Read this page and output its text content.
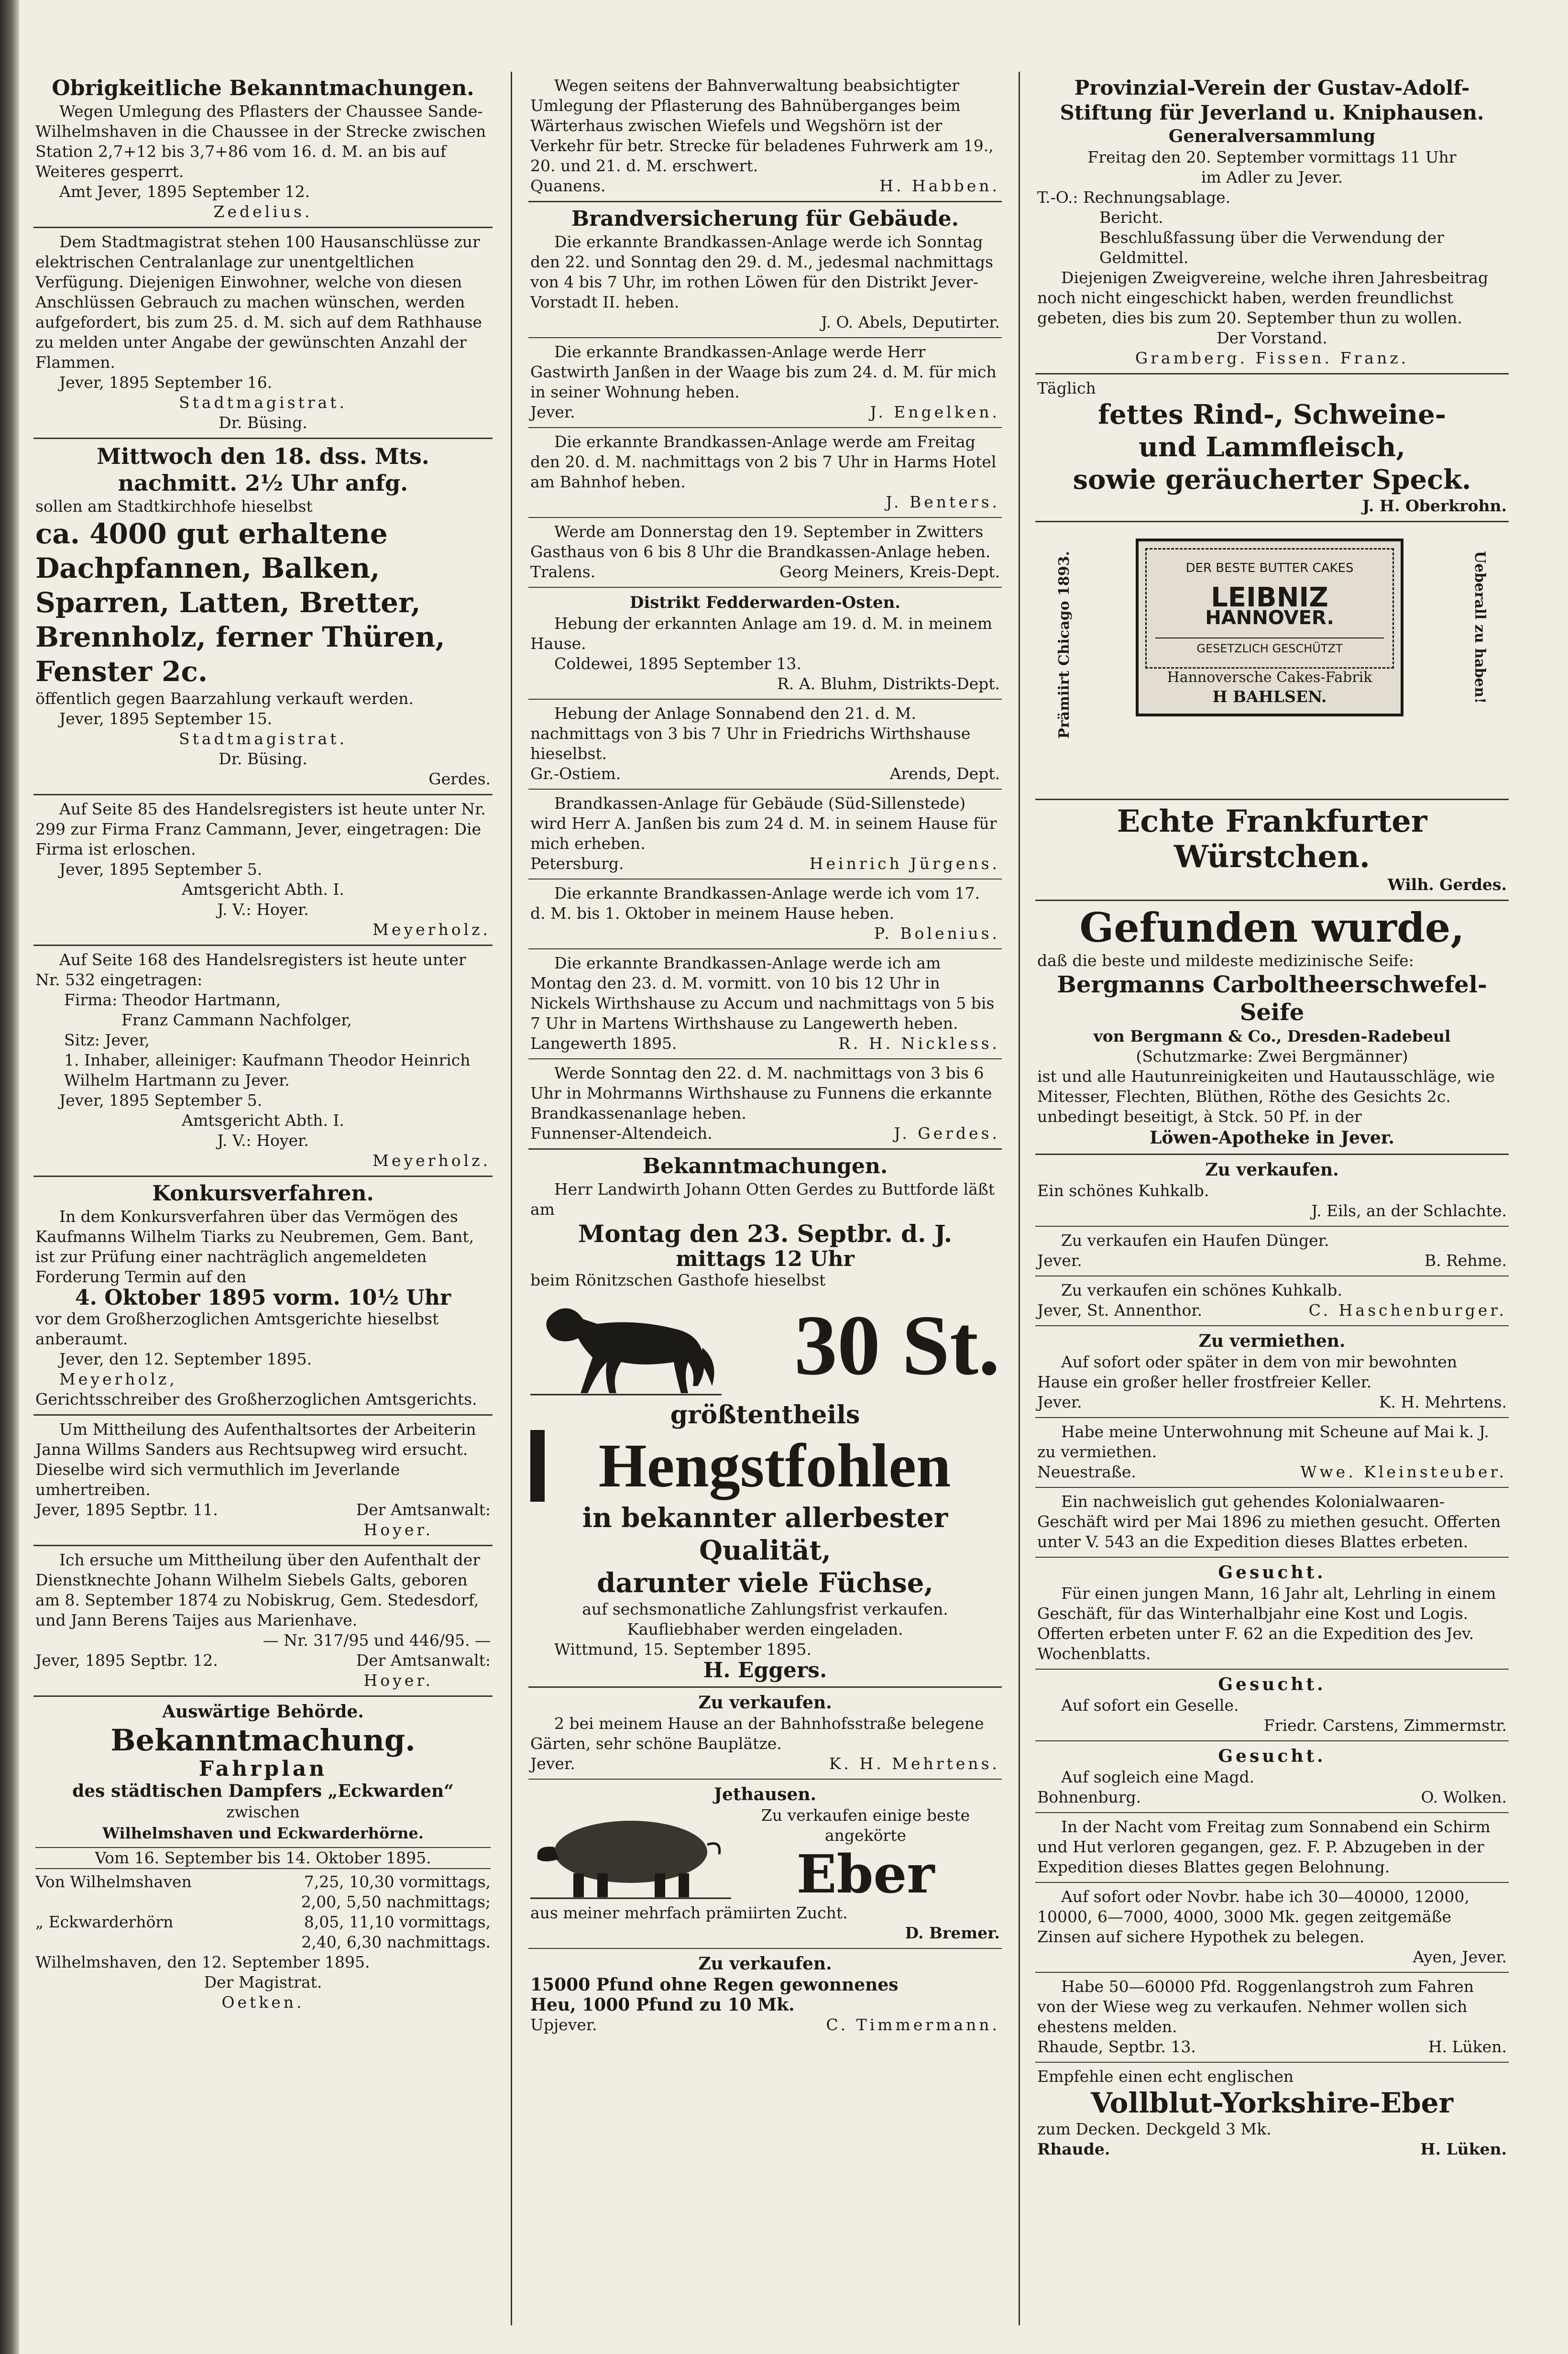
Obrigkeitliche Bekanntmachungen.
Wegen Umlegung des Pflasters der Chaussee Sande-Wilhelmshaven in die Chaussee in der Strecke zwischen Station 2,7+12 bis 3,7+86 vom 16. d. M. an bis auf Weiteres gesperrt.
Amt Jever, 1895 September 12.
Zedelius.
Dem Stadtmagistrat stehen 100 Hausanschlüsse zur elektrischen Centralanlage zur unentgeltlichen Verfügung. Diejenigen Einwohner, welche von diesen Anschlüssen Gebrauch zu machen wünschen, werden aufgefordert, bis zum 25. d. M. sich auf dem Rathhause zu melden unter Angabe der gewünschten Anzahl der Flammen.
Jever, 1895 September 16.
Stadtmagistrat.
Dr. Büsing.
Mittwoch den 18. dss. Mts.
nachmitt. 2½ Uhr anfg.
sollen am Stadtkirchhofe hieselbst
ca. 4000 gut erhaltene Dachpfannen, Balken, Sparren, Latten, Bretter, Brennholz, ferner Thüren, Fenster 2c.
öffentlich gegen Baarzahlung verkauft werden.
Jever, 1895 September 15.
Stadtmagistrat.
Dr. Büsing.
Gerdes.
Auf Seite 85 des Handelsregisters ist heute unter Nr. 299 zur Firma Franz Cammann, Jever, eingetragen: Die Firma ist erloschen.
Jever, 1895 September 5.
Amtsgericht Abth. I.
J. V.: Hoyer.
Meyerholz.
Auf Seite 168 des Handelsregisters ist heute unter Nr. 532 eingetragen:
Firma: Theodor Hartmann,
Franz Cammann Nachfolger,
Sitz: Jever,
1. Inhaber, alleiniger: Kaufmann Theodor Heinrich Wilhelm Hartmann zu Jever.
Jever, 1895 September 5.
Amtsgericht Abth. I.
J. V.: Hoyer.
Meyerholz.
Konkursverfahren.
In dem Konkursverfahren über das Vermögen des Kaufmanns Wilhelm Tiarks zu Neubremen, Gem. Bant, ist zur Prüfung einer nachträglich angemeldeten Forderung Termin auf den
4. Oktober 1895 vorm. 10½ Uhr
vor dem Großherzoglichen Amtsgerichte hieselbst anberaumt.
Jever, den 12. September 1895.
Meyerholz,
Gerichtsschreiber des Großherzoglichen Amtsgerichts.
Um Mittheilung des Aufenthaltsortes der Arbeiterin Janna Willms Sanders aus Rechtsupweg wird ersucht. Dieselbe wird sich vermuthlich im Jeverlande umhertreiben.
Jever, 1895 Septbr. 11.	Der Amtsanwalt:
Hoyer.
Ich ersuche um Mittheilung über den Aufenthalt der Dienstknechte Johann Wilhelm Siebels Galts, geboren am 8. September 1874 zu Nobiskrug, Gem. Stedesdorf, und Jann Berens Taijes aus Marienhave.
— Nr. 317/95 und 446/95. —
Jever, 1895 Septbr. 12.	Der Amtsanwalt:
Hoyer.
Auswärtige Behörde.
Bekanntmachung.
Fahrplan
des städtischen Dampfers „Eckwarden“
zwischen
Wilhelmshaven und Eckwarderhörne.
Vom 16. September bis 14. Oktober 1895.
Von Wilhelmshaven	7,25, 10,30 vormittags,
2,00, 5,50 nachmittags;
„ Eckwarderhörn	8,05, 11,10 vormittags,
2,40, 6,30 nachmittags.
Wilhelmshaven, den 12. September 1895.
Der Magistrat.
Oetken.
Wegen seitens der Bahnverwaltung beabsichtigter Umlegung der Pflasterung des Bahnüberganges beim Wärterhaus zwischen Wiefels und Wegshörn ist der Verkehr für betr. Strecke für beladenes Fuhrwerk am 19., 20. und 21. d. M. erschwert.
Quanens.	H. Habben.
Brandversicherung für Gebäude.
Die erkannte Brandkassen-Anlage werde ich Sonntag den 22. und Sonntag den 29. d. M., jedesmal nachmittags von 4 bis 7 Uhr, im rothen Löwen für den Distrikt Jever-Vorstadt II. heben.
J. O. Abels, Deputirter.
Die erkannte Brandkassen-Anlage werde Herr Gastwirth Janßen in der Waage bis zum 24. d. M. für mich in seiner Wohnung heben.
Jever.	J. Engelken.
Die erkannte Brandkassen-Anlage werde am Freitag den 20. d. M. nachmittags von 2 bis 7 Uhr in Harms Hotel am Bahnhof heben.
J. Benters.
Werde am Donnerstag den 19. September in Zwitters Gasthaus von 6 bis 8 Uhr die Brandkassen-Anlage heben.
Tralens.	Georg Meiners, Kreis-Dept.
Distrikt Fedderwarden-Osten.
Hebung der erkannten Anlage am 19. d. M. in meinem Hause.
Coldewei, 1895 September 13.
R. A. Bluhm, Distrikts-Dept.
Hebung der Anlage Sonnabend den 21. d. M. nachmittags von 3 bis 7 Uhr in Friedrichs Wirthshause hieselbst.
Gr.-Ostiem.	Arends, Dept.
Brandkassen-Anlage für Gebäude (Süd-Sillenstede) wird Herr A. Janßen bis zum 24 d. M. in seinem Hause für mich erheben.
Petersburg.	Heinrich Jürgens.
Die erkannte Brandkassen-Anlage werde ich vom 17. d. M. bis 1. Oktober in meinem Hause heben.
P. Bolenius.
Die erkannte Brandkassen-Anlage werde ich am Montag den 23. d. M. vormitt. von 10 bis 12 Uhr in Nickels Wirthshause zu Accum und nachmittags von 5 bis 7 Uhr in Martens Wirthshause zu Langewerth heben.
Langewerth 1895.	R. H. Nickless.
Werde Sonntag den 22. d. M. nachmittags von 3 bis 6 Uhr in Mohrmanns Wirthshause zu Funnens die erkannte Brandkassenanlage heben.
Funnenser-Altendeich.	J. Gerdes.
Bekanntmachungen.
Herr Landwirth Johann Otten Gerdes zu Buttforde läßt am
Montag den 23. Septbr. d. J.
mittags 12 Uhr
beim Rönitzschen Gasthofe hieselbst
30 St.
größtentheils
Hengstfohlen
in bekannter allerbester Qualität,
darunter viele Füchse,
auf sechsmonatliche Zahlungsfrist verkaufen. Kaufliebhaber werden eingeladen.
Wittmund, 15. September 1895.
H. Eggers.
Zu verkaufen.
2 bei meinem Hause an der Bahnhofsstraße belegene Gärten, sehr schöne Bauplätze.
Jever.	K. H. Mehrtens.
Jethausen.
Zu verkaufen einige beste angekörte
Eber
aus meiner mehrfach prämiirten Zucht.
D. Bremer.
Zu verkaufen.
15000 Pfund ohne Regen gewonnenes
Heu, 1000 Pfund zu 10 Mk.
Upjever.	C. Timmermann.
Provinzial-Verein der Gustav-Adolf-Stiftung für Jeverland u. Kniphausen.
Generalversammlung
Freitag den 20. September vormittags 11 Uhr
im Adler zu Jever.
T.-O.: Rechnungsablage.
Bericht.
Beschlußfassung über die Verwendung der Geldmittel.
Diejenigen Zweigvereine, welche ihren Jahresbeitrag noch nicht eingeschickt haben, werden freundlichst gebeten, dies bis zum 20. September thun zu wollen.
Der Vorstand.
Gramberg. Fissen. Franz.
Täglich
fettes Rind-, Schweine-
und Lammfleisch,
sowie geräucherter Speck.
J. H. Oberkrohn.
Prämiirt Chicago 1893.	Ueberall zu haben!
DER BESTE BUTTER CAKES
LEIBNIZ
HANNOVER.
GESETZLICH GESCHÜTZT
Hannoversche Cakes-Fabrik
H BAHLSEN.
Echte Frankfurter Würstchen.
Wilh. Gerdes.
Gefunden wurde,
daß die beste und mildeste medizinische Seife:
Bergmanns Carboltheerschwefel-Seife
von Bergmann & Co., Dresden-Radebeul
(Schutzmarke: Zwei Bergmänner)
ist und alle Hautunreinigkeiten und Hautausschläge, wie Mitesser, Flechten, Blüthen, Röthe des Gesichts 2c. unbedingt beseitigt, à Stck. 50 Pf. in der
Löwen-Apotheke in Jever.
Zu verkaufen.
Ein schönes Kuhkalb.
J. Eils, an der Schlachte.
Zu verkaufen ein Haufen Dünger.
Jever.	B. Rehme.
Zu verkaufen ein schönes Kuhkalb.
Jever, St. Annenthor.	C. Haschenburger.
Zu vermiethen.
Auf sofort oder später in dem von mir bewohnten Hause ein großer heller frostfreier Keller.
Jever.	K. H. Mehrtens.
Habe meine Unterwohnung mit Scheune auf Mai k. J. zu vermiethen.
Neuestraße.	Wwe. Kleinsteuber.
Ein nachweislich gut gehendes Kolonialwaaren-Geschäft wird per Mai 1896 zu miethen gesucht. Offerten unter V. 543 an die Expedition dieses Blattes erbeten.
Gesucht.
Für einen jungen Mann, 16 Jahr alt, Lehrling in einem Geschäft, für das Winterhalbjahr eine Kost und Logis. Offerten erbeten unter F. 62 an die Expedition des Jev. Wochenblatts.
Gesucht.
Auf sofort ein Geselle.
Friedr. Carstens, Zimmermstr.
Gesucht.
Auf sogleich eine Magd.
Bohnenburg.	O. Wolken.
In der Nacht vom Freitag zum Sonnabend ein Schirm und Hut verloren gegangen, gez. F. P. Abzugeben in der Expedition dieses Blattes gegen Belohnung.
Auf sofort oder Novbr. habe ich 30—40000, 12000, 10000, 6—7000, 4000, 3000 Mk. gegen zeitgemäße Zinsen auf sichere Hypothek zu belegen.
Ayen, Jever.
Habe 50—60000 Pfd. Roggenlangstroh zum Fahren von der Wiese weg zu verkaufen. Nehmer wollen sich ehestens melden.
Rhaude, Septbr. 13.	H. Lüken.
Empfehle einen echt englischen
Vollblut-Yorkshire-Eber
zum Decken. Deckgeld 3 Mk.
Rhaude.	H. Lüken.
